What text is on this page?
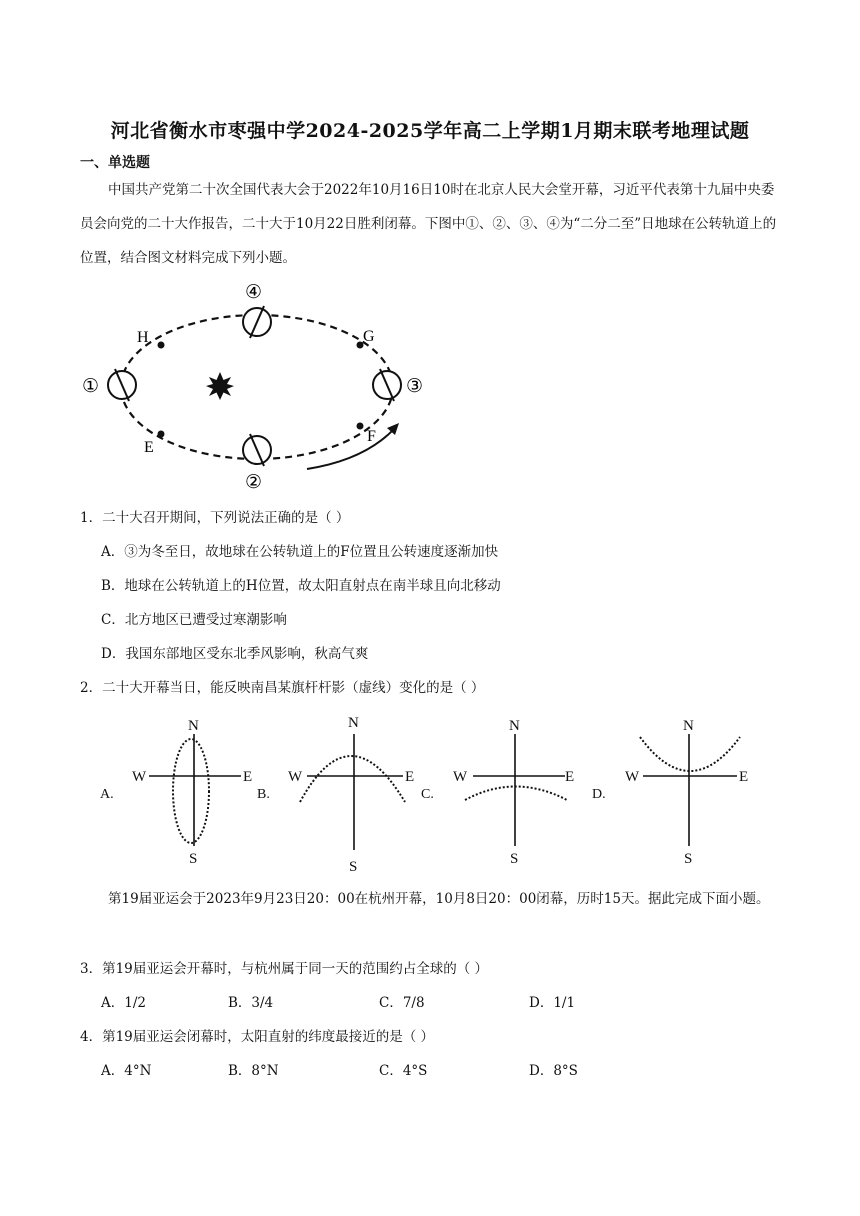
河北省衡水市枣强中学2024-2025学年高二上学期1月期末联考地理试题
一、单选题
中国共产党第二十次全国代表大会于2022年10月16日10时在北京人民大会堂开幕，习近平代表第十九届中央委员会向党的二十大作报告，二十大于10月22日胜利闭幕。下图中①、②、③、④为“二分二至”日地球在公转轨道上的位置，结合图文材料完成下列小题。
①
④
③
②
H	G
E
F
1．二十大召开期间，下列说法正确的是（ ）
A．③为冬至日，故地球在公转轨道上的F位置且公转速度逐渐加快
B．地球在公转轨道上的H位置，故太阳直射点在南半球且向北移动
C．北方地区已遭受过寒潮影响
D．我国东部地区受东北季风影响，秋高气爽
2．二十大开幕当日，能反映南昌某旗杆杆影（虚线）变化的是（ ）
A.
N
S
W	E
B.
N
S
W	E
C.
N
S
W	E
D.
N
S
W	E
第19届亚运会于2023年9月23日20：00在杭州开幕，10月8日20：00闭幕，历时15天。据此完成下面小题。
3．第19届亚运会开幕时，与杭州属于同一天的范围约占全球的（ ）
A．1/2	B．3/4	C．7/8	D．1/1
4．第19届亚运会闭幕时，太阳直射的纬度最接近的是（ ）
A．4°N	B．8°N	C．4°S	D．8°S
